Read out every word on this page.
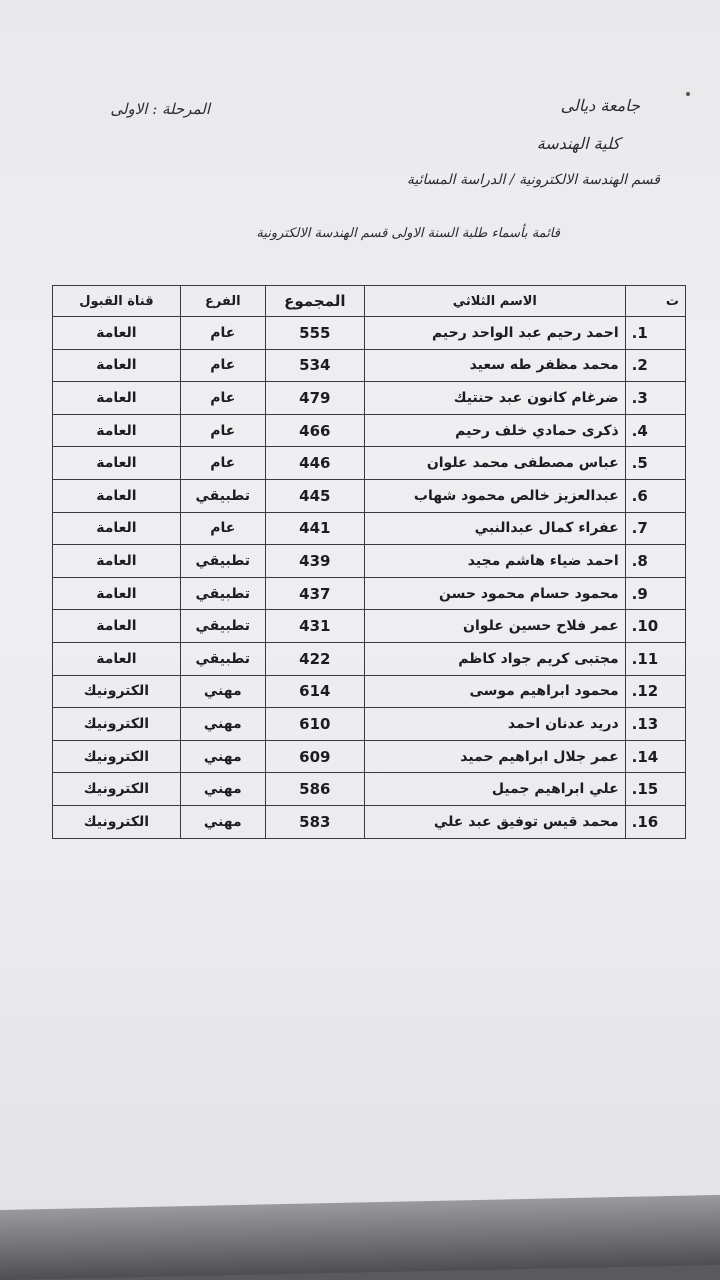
جامعة ديالى
المرحلة : الاولى
كلية الهندسة
قسم الهندسة الالكترونية / الدراسة المسائية
قائمة بأسماء طلبة السنة الاولى قسم الهندسة الالكترونية
ت	الاسم الثلاثي	المجموع	الفرع	قناة القبول
1.	احمد رحيم عبد الواحد رحيم	555	عام	العامة
2.	محمد مظفر طه سعيد	534	عام	العامة
3.	ضرغام كانون عبد حنتيك	479	عام	العامة
4.	ذكرى حمادي خلف رحيم	466	عام	العامة
5.	عباس مصطفى محمد علوان	446	عام	العامة
6.	عبدالعزيز خالص محمود شهاب	445	تطبيقي	العامة
7.	عفراء كمال عبدالنبي	441	عام	العامة
8.	احمد ضياء هاشم مجيد	439	تطبيقي	العامة
9.	محمود حسام محمود حسن	437	تطبيقي	العامة
10.	عمر فلاح حسين علوان	431	تطبيقي	العامة
11.	مجتبى كريم جواد كاظم	422	تطبيقي	العامة
12.	محمود ابراهيم موسى	614	مهني	الكترونيك
13.	دريد عدنان احمد	610	مهني	الكترونيك
14.	عمر جلال ابراهيم حميد	609	مهني	الكترونيك
15.	علي ابراهيم جميل	586	مهني	الكترونيك
16.	محمد قيس توفيق عبد علي	583	مهني	الكترونيك
